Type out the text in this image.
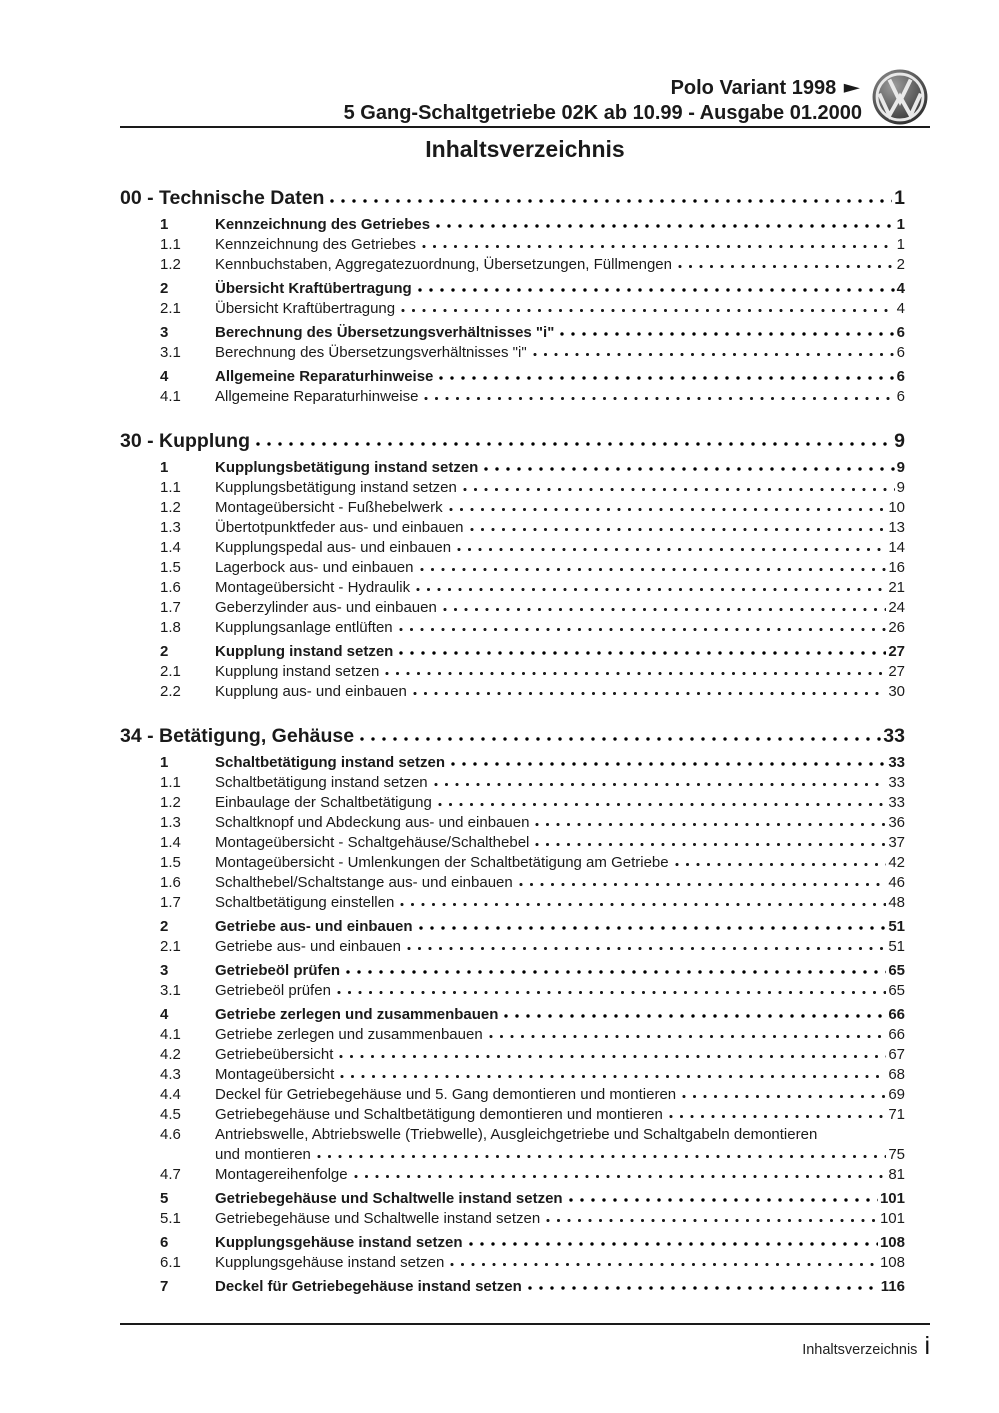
Polo Variant 1998 ►
5 Gang-Schaltgetriebe 02K ab 10.99 - Ausgabe 01.2000
Inhaltsverzeichnis
00 - Technische Daten	1
1	Kennzeichnung des Getriebes	1
1.1	Kennzeichnung des Getriebes	1
1.2	Kennbuchstaben, Aggregatezuordnung, Übersetzungen, Füllmengen	2
2	Übersicht Kraftübertragung	4
2.1	Übersicht Kraftübertragung	4
3	Berechnung des Übersetzungsverhältnisses "i"	6
3.1	Berechnung des Übersetzungsverhältnisses "i"	6
4	Allgemeine Reparaturhinweise	6
4.1	Allgemeine Reparaturhinweise	6
30 - Kupplung	9
1	Kupplungsbetätigung instand setzen	9
1.1	Kupplungsbetätigung instand setzen	9
1.2	Montageübersicht - Fußhebelwerk	10
1.3	Übertotpunktfeder aus- und einbauen	13
1.4	Kupplungspedal aus- und einbauen	14
1.5	Lagerbock aus- und einbauen	16
1.6	Montageübersicht - Hydraulik	21
1.7	Geberzylinder aus- und einbauen	24
1.8	Kupplungsanlage entlüften	26
2	Kupplung instand setzen	27
2.1	Kupplung instand setzen	27
2.2	Kupplung aus- und einbauen	30
34 - Betätigung, Gehäuse	33
1	Schaltbetätigung instand setzen	33
1.1	Schaltbetätigung instand setzen	33
1.2	Einbaulage der Schaltbetätigung	33
1.3	Schaltknopf und Abdeckung aus- und einbauen	36
1.4	Montageübersicht - Schaltgehäuse/Schalthebel	37
1.5	Montageübersicht - Umlenkungen der Schaltbetätigung am Getriebe	42
1.6	Schalthebel/Schaltstange aus- und einbauen	46
1.7	Schaltbetätigung einstellen	48
2	Getriebe aus- und einbauen	51
2.1	Getriebe aus- und einbauen	51
3	Getriebeöl prüfen	65
3.1	Getriebeöl prüfen	65
4	Getriebe zerlegen und zusammenbauen	66
4.1	Getriebe zerlegen und zusammenbauen	66
4.2	Getriebeübersicht	67
4.3	Montageübersicht	68
4.4	Deckel für Getriebegehäuse und 5. Gang demontieren und montieren	69
4.5	Getriebegehäuse und Schaltbetätigung demontieren und montieren	71
4.6	Antriebswelle, Abtriebswelle (Triebwelle), Ausgleichgetriebe und Schaltgabeln demontieren
und montieren	75
4.7	Montagereihenfolge	81
5	Getriebegehäuse und Schaltwelle instand setzen	101
5.1	Getriebegehäuse und Schaltwelle instand setzen	101
6	Kupplungsgehäuse instand setzen	108
6.1	Kupplungsgehäuse instand setzen	108
7	Deckel für Getriebegehäuse instand setzen	116
Inhaltsverzeichnis i
